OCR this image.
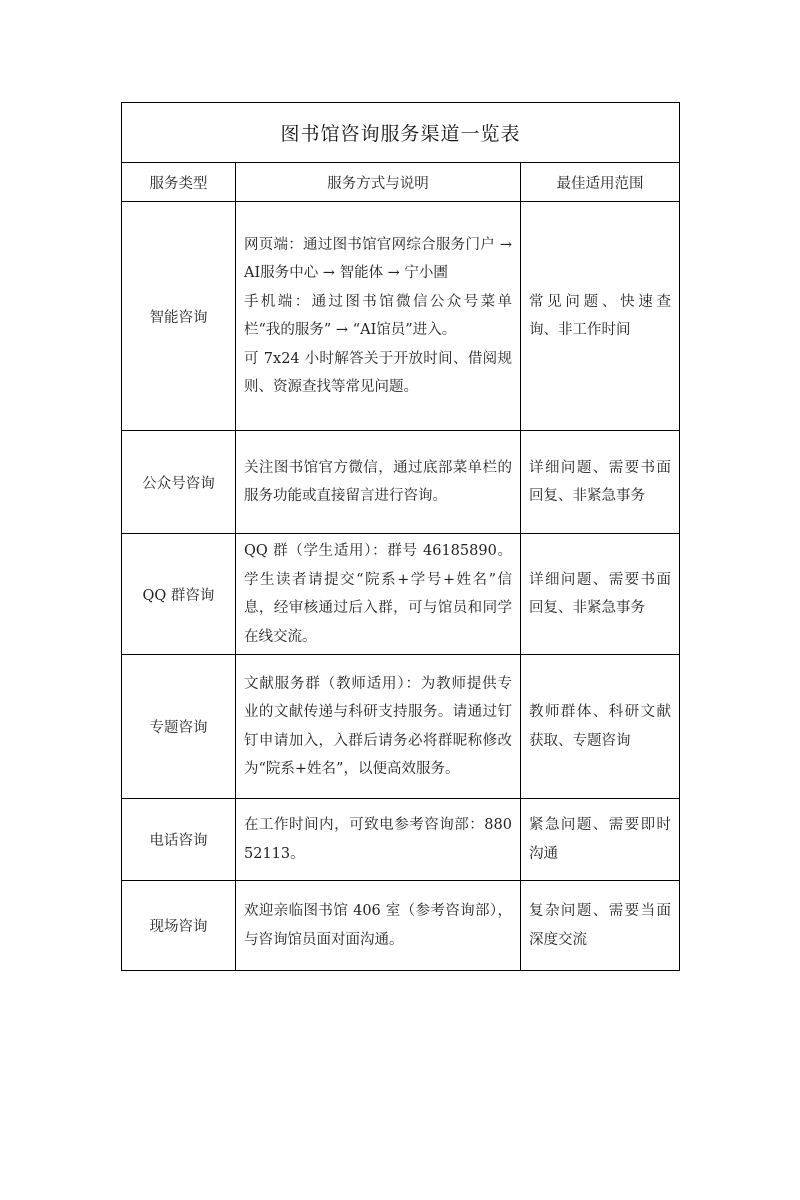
图书馆咨询服务渠道一览表		
服务类型	服务方式与说明	最佳适用范围
智能咨询	网页端：通过图书馆官网综合服务门户 → AI服务中心 → 智能体 → 宁小圕
手机端：通过图书馆微信公众号菜单栏“我的服务” → “AI馆员”进入。
可 7x24 小时解答关于开放时间、借阅规则、资源查找等常见问题。	常见问题、快速查询、非工作时间
公众号咨询	关注图书馆官方微信，通过底部菜单栏的服务功能或直接留言进行咨询。	详细问题、需要书面回复、非紧急事务
QQ 群咨询	QQ 群（学生适用）：群号 46185890。学生读者请提交“院系+学号+姓名”信息，经审核通过后入群，可与馆员和同学在线交流。	详细问题、需要书面回复、非紧急事务
专题咨询	文献服务群（教师适用）：为教师提供专业的文献传递与科研支持服务。请通过钉钉申请加入，入群后请务必将群昵称修改为“院系+姓名”，以便高效服务。	教师群体、科研文献获取、专题咨询
电话咨询	在工作时间内，可致电参考咨询部：88052113。	紧急问题、需要即时沟通
现场咨询	欢迎亲临图书馆 406 室（参考咨询部），与咨询馆员面对面沟通。	复杂问题、需要当面深度交流
